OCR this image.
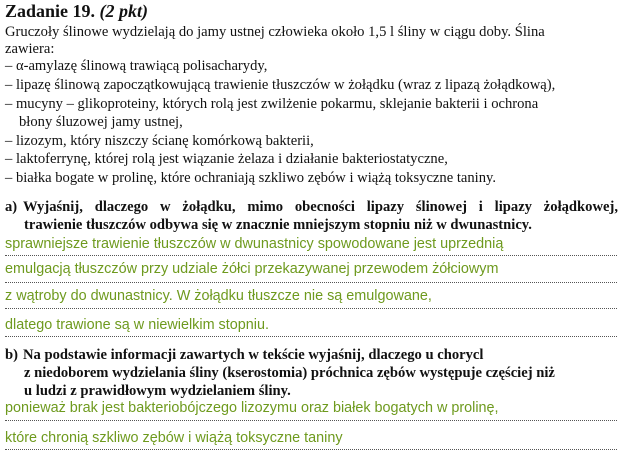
Zadanie 19. (2 pkt)
Gruczoły ślinowe wydzielają do jamy ustnej człowieka około 1,5 l śliny w ciągu doby. Ślina
zawiera:
– α-amylazę ślinową trawiącą polisacharydy,
– lipazę ślinową zapoczątkowującą trawienie tłuszczów w żołądku (wraz z lipazą żołądkową),
– mucyny – glikoproteiny, których rolą jest zwilżenie pokarmu, sklejanie bakterii i ochrona
błony śluzowej jamy ustnej,
– lizozym, który niszczy ścianę komórkową bakterii,
– laktoferrynę, której rolą jest wiązanie żelaza i działanie bakteriostatyczne,
– białka bogate w prolinę, które ochraniają szkliwo zębów i wiążą toksyczne taniny.
a) Wyjaśnij, dlaczego w żołądku, mimo obecności lipazy ślinowej i lipazy żołądkowej,
trawienie tłuszczów odbywa się w znacznie mniejszym stopniu niż w dwunastnicy.
sprawniejsze trawienie tłuszczów w dwunastnicy spowodowane jest uprzednią
emulgacją tłuszczów przy udziale żółci przekazywanej przewodem żółciowym
z wątroby do dwunastnicy. W żołądku tłuszcze nie są emulgowane,
dlatego trawione są w niewielkim stopniu.
b) Na podstawie informacji zawartych w tekście wyjaśnij, dlaczego u chorycl
z niedoborem wydzielania śliny (kserostomia) próchnica zębów występuje częściej niż
u ludzi z prawidłowym wydzielaniem śliny.
ponieważ brak jest bakteriobójczego lizozymu oraz białek bogatych w prolinę,
które chronią szkliwo zębów i wiążą toksyczne taniny
